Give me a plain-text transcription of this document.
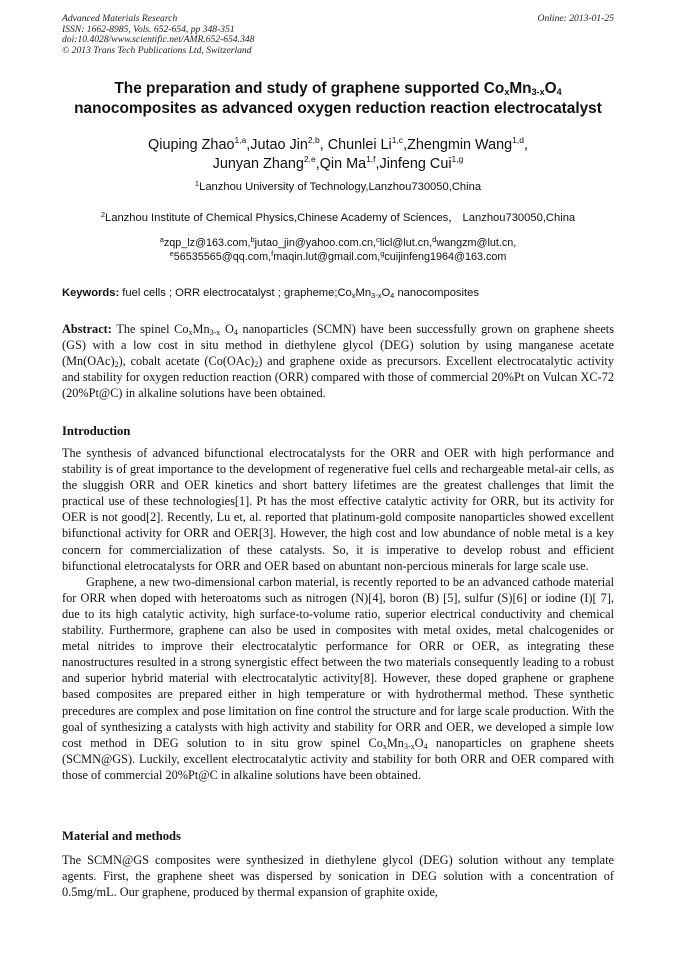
Advanced Materials Research
ISSN: 1662-8985, Vols. 652-654, pp 348-351
doi:10.4028/www.scientific.net/AMR.652-654.348
© 2013 Trans Tech Publications Ltd, Switzerland
Online: 2013-01-25
The preparation and study of graphene supported $Co_xMn_{3-x}O_4$
nanocomposites as advanced oxygen reduction reaction electrocatalyst
Qiuping Zhao$^{1,a}$,Jutao Jin$^{2,b}$, Chunlei Li$^{1,c}$,Zhengmin Wang$^{1,d}$,
Junyan Zhang$^{2,e}$,Qin Ma$^{1,f}$,Jinfeng Cui$^{1,g}$
$^1$Lanzhou University of Technology,Lanzhou730050,China
$^2$Lanzhou Institute of Chemical Physics,Chinese Academy of Sciences， Lanzhou730050,China
$^a$zqp_lz@163.com,$^b$jutao_jin@yahoo.com.cn,$^c$licl@lut.cn,$^d$wangzm@lut.cn,
$^e$56535565@qq.com,$^f$maqin.lut@gmail.com,$^g$cuijinfeng1964@163.com
Keywords: fuel cells ; ORR electrocatalyst ; $grapheme;Co_xMn_{3-x}O_4$ nanocomposites
Abstract: The spinel $Co_xMn_{3-x}$ $O_4$ nanoparticles (SCMN) have been successfully grown on graphene sheets (GS) with a low cost in situ method in diethylene glycol (DEG) solution by using manganese acetate $(Mn(OAc)_2)$, cobalt acetate $(Co(OAc)_2)$ and graphene oxide as precursors. Excellent electrocatalytic activity and stability for oxygen reduction reaction (ORR) compared with those of commercial 20%Pt on Vulcan XC-72 (20%Pt@C) in alkaline solutions have been obtained.
Introduction

The synthesis of advanced bifunctional electrocatalysts for the ORR and OER with high performance and stability is of great importance to the development of regenerative fuel cells and rechargeable metal-air cells, as the sluggish ORR and OER kinetics and short battery lifetimes are the greatest challenges that limit the practical use of these technologies[1]. Pt has the most effective catalytic activity for ORR, but its activity for OER is not good[2]. Recently, Lu et, al. reported that platinum-gold composite nanoparticles showed excellent bifunctional activity for ORR and OER[3]. However, the high cost and low abundance of noble metal is a key concern for commercialization of these catalysts. So, it is imperative to develop robust and efficient bifunctional eletrocatalysts for ORR and OER based on abuntant non-percious minerals for large scale use.

Graphene, a new two-dimensional carbon material, is recently reported to be an advanced cathode material for ORR when doped with heteroatoms such as nitrogen (N)[4], boron (B) [5], sulfur (S)[6] or iodine (I)[ 7], due to its high catalytic activity, high surface-to-volume ratio, superior electrical conductivity and chemical stability. Furthermore, graphene can also be used in composites with metal oxides, metal chalcogenides or metal nitrides to improve their electrocatalytic performance for ORR or OER, as integrating these nanostructures resulted in a strong synergistic effect between the two materials consequently leading to a robust and superior hybrid material with electrocatalytic activity[8]. However, these doped graphene or graphene based composites are prepared either in high temperature or with hydrothermal method. These synthetic precedures are complex and pose limitation on fine control the structure and for large scale production. With the goal of synthesizing a catalysts with high activity and stability for ORR and OER, we developed a simple low cost method in DEG solution to in situ grow spinel $Co_xMn_{3-x}O_4$ nanoparticles on graphene sheets (SCMN@GS). Luckily, excellent electrocatalytic activity and stability for both ORR and OER compared with those of commercial 20%Pt@C in alkaline solutions have been obtained.

Material and methods

The SCMN@GS composites were synthesized in diethylene glycol (DEG) solution without any template agents. First, the graphene sheet was dispersed by sonication in DEG solution with a concentration of 0.5mg/mL. Our graphene, produced by thermal expansion of graphite oxide,
